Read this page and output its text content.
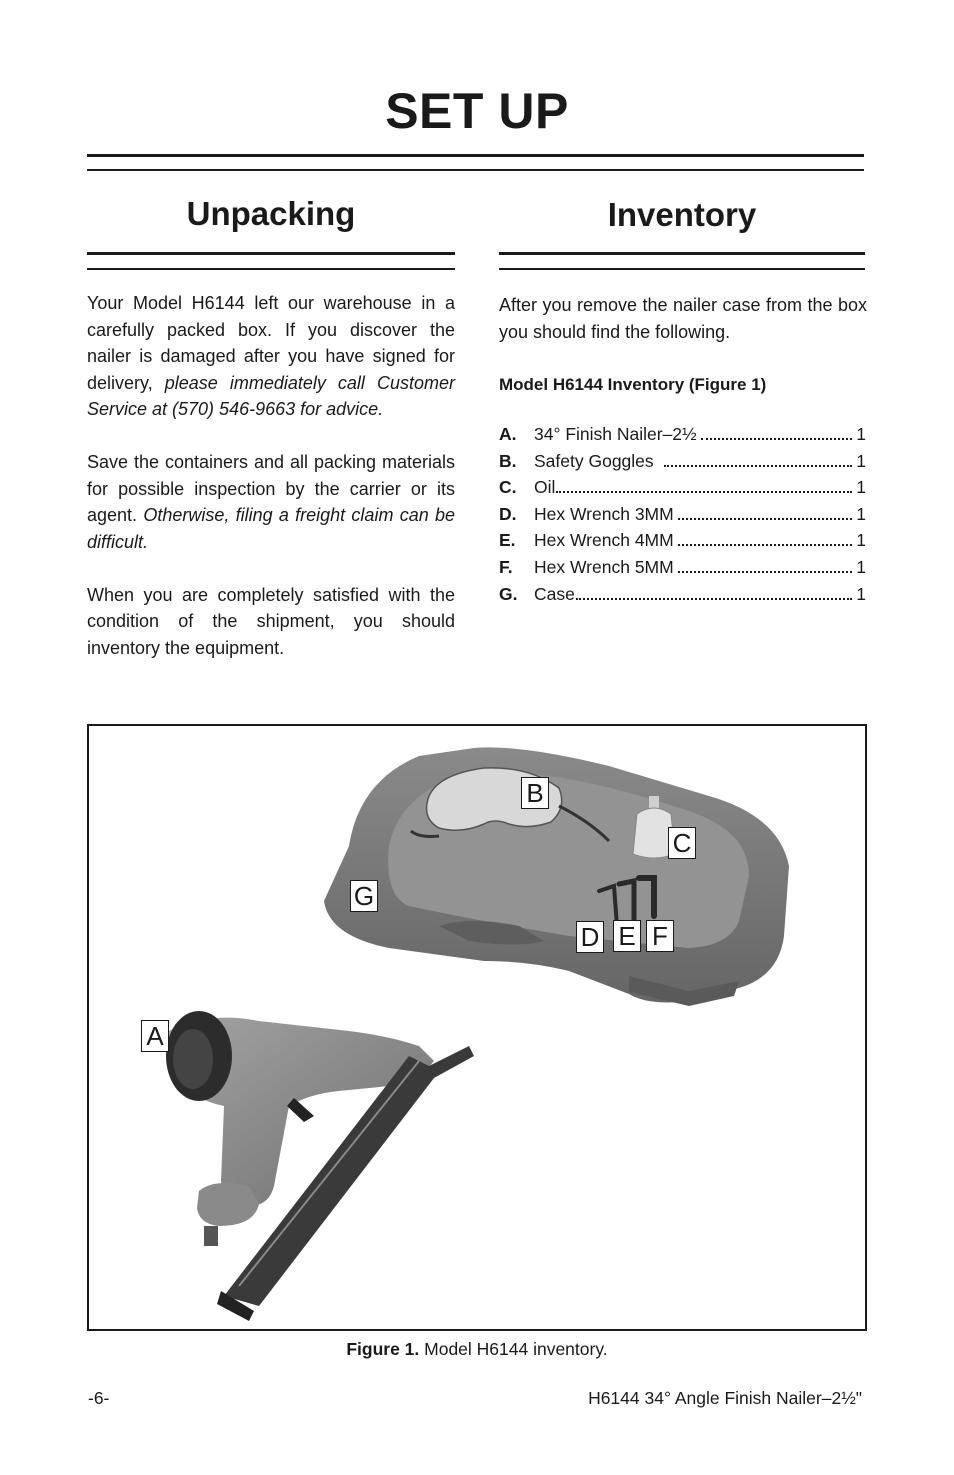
SET UP
Unpacking

Your Model H6144 left our warehouse in a carefully packed box. If you discover the nailer is damaged after you have signed for delivery, please immediately call Customer Service at (570) 546-9663 for advice.

Save the containers and all packing materials for possible inspection by the carrier or its agent. Otherwise, filing a freight claim can be difficult.

When you are completely satisfied with the condition of the shipment, you should inventory the equipment.

Inventory

After you remove the nailer case from the box you should find the following.

Model H6144 Inventory (Figure 1)
A.	34° Finish Nailer–2½	1
B.	Safety Goggles	1
C.	Oil	1
D.	Hex Wrench 3MM	1
E.	Hex Wrench 4MM	1
F.	Hex Wrench 5MM	1
G. Case	1
A
B
C
G
D E F
Figure 1. Model H6144 inventory.
-6-	H6144 34° Angle Finish Nailer–2½"
